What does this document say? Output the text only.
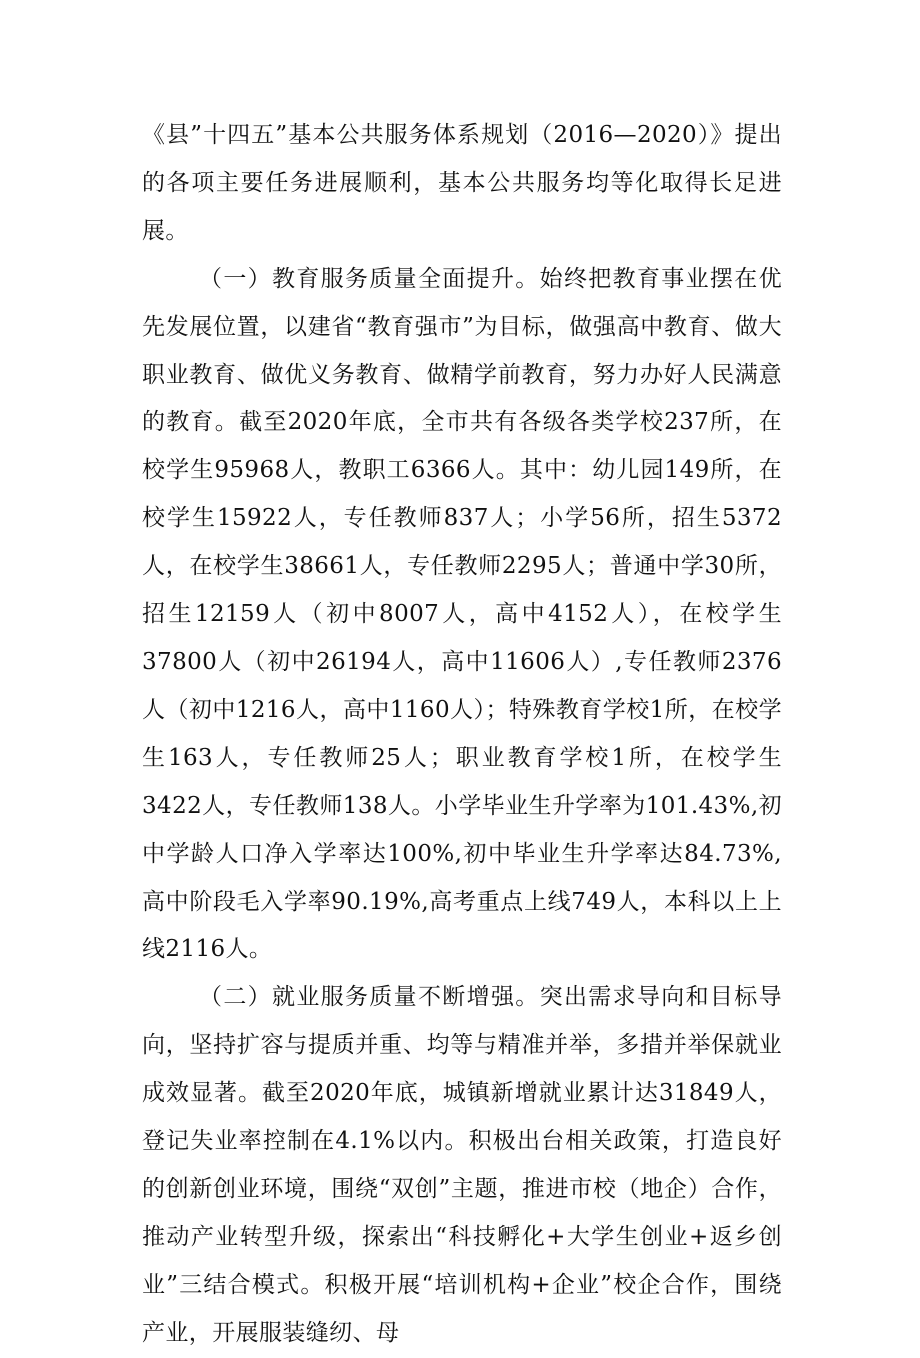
《县”十四五”基本公共服务体系规划（2016—2020）》提出的各项主要任务进展顺利，基本公共服务均等化取得长足进展。

（一）教育服务质量全面提升。始终把教育事业摆在优先发展位置，以建省“教育强市”为目标，做强高中教育、做大职业教育、做优义务教育、做精学前教育，努力办好人民满意的教育。截至2020年底，全市共有各级各类学校237所，在校学生95968人，教职工6366人。其中：幼儿园149所，在校学生15922人，专任教师837人；小学56所，招生5372人，在校学生38661人，专任教师2295人；普通中学30所，招生12159人（初中8007人，高中4152人），在校学生37800人（初中26194人，高中11606人）,专任教师2376人（初中1216人，高中1160人）；特殊教育学校1所，在校学生163人，专任教师25人；职业教育学校1所，在校学生3422人，专任教师138人。小学毕业生升学率为101.43%,初中学龄人口净入学率达100%,初中毕业生升学率达84.73%,高中阶段毛入学率90.19%,高考重点上线749人，本科以上上线2116人。

（二）就业服务质量不断增强。突出需求导向和目标导向，坚持扩容与提质并重、均等与精准并举，多措并举保就业成效显著。截至2020年底，城镇新增就业累计达31849人，登记失业率控制在4.1%以内。积极出台相关政策，打造良好的创新创业环境，围绕“双创”主题，推进市校（地企）合作，推动产业转型升级，探索出“科技孵化+大学生创业+返乡创业”三结合模式。积极开展“培训机构+企业”校企合作，围绕产业，开展服装缝纫、母
